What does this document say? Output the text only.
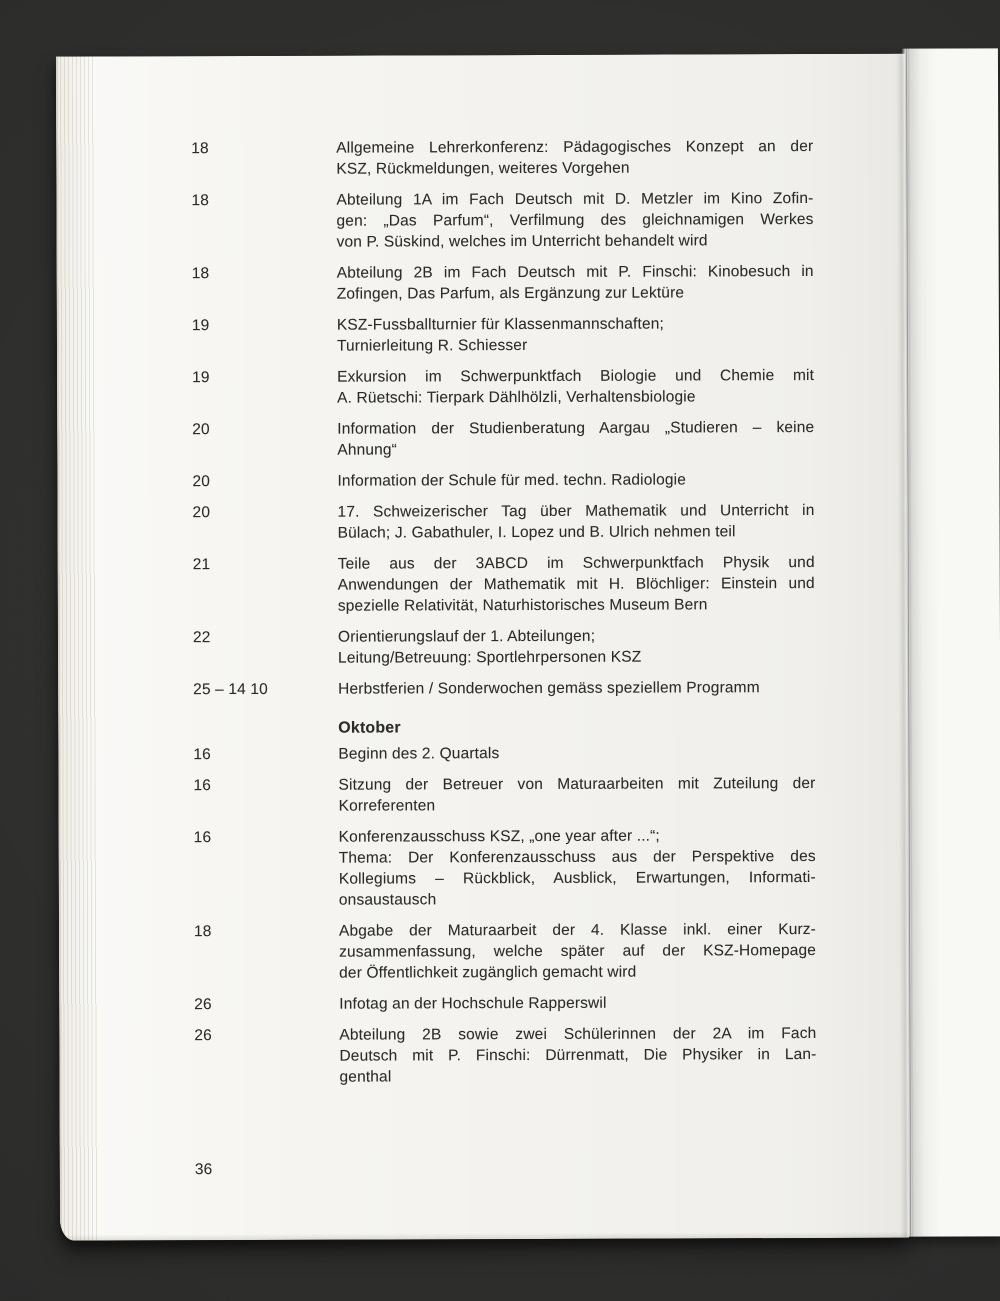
18	Allgemeine Lehrerkonferenz: Pädagogisches Konzept an der
KSZ, Rückmeldungen, weiteres Vorgehen
18	Abteilung 1A im Fach Deutsch mit D. Metzler im Kino Zofin-
gen: „Das Parfum“, Verfilmung des gleichnamigen Werkes
von P. Süskind, welches im Unterricht behandelt wird
18	Abteilung 2B im Fach Deutsch mit P. Finschi: Kinobesuch in
Zofingen, Das Parfum, als Ergänzung zur Lektüre
19	KSZ-Fussballturnier für Klassenmannschaften;
Turnierleitung R. Schiesser
19	Exkursion im Schwerpunktfach Biologie und Chemie mit
A. Rüetschi: Tierpark Dählhölzli, Verhaltensbiologie
20	Information der Studienberatung Aargau „Studieren – keine
Ahnung“
20	Information der Schule für med. techn. Radiologie
20	17. Schweizerischer Tag über Mathematik und Unterricht in
Bülach; J. Gabathuler, I. Lopez und B. Ulrich nehmen teil
21	Teile aus der 3ABCD im Schwerpunktfach Physik und
Anwendungen der Mathematik mit H. Blöchliger: Einstein und
spezielle Relativität, Naturhistorisches Museum Bern
22	Orientierungslauf der 1. Abteilungen;
Leitung/Betreuung: Sportlehrpersonen KSZ
25 – 14 10	Herbstferien / Sonderwochen gemäss speziellem Programm
Oktober
16	Beginn des 2. Quartals
16	Sitzung der Betreuer von Maturaarbeiten mit Zuteilung der
Korreferenten
16	Konferenzausschuss KSZ, „one year after ...“;
Thema: Der Konferenzausschuss aus der Perspektive des
Kollegiums – Rückblick, Ausblick, Erwartungen, Informati-
onsaustausch
18	Abgabe der Maturaarbeit der 4. Klasse inkl. einer Kurz-
zusammenfassung, welche später auf der KSZ-Homepage
der Öffentlichkeit zugänglich gemacht wird
26	Infotag an der Hochschule Rapperswil
26	Abteilung 2B sowie zwei Schülerinnen der 2A im Fach
Deutsch mit P. Finschi: Dürrenmatt, Die Physiker in Lan-
genthal
36
